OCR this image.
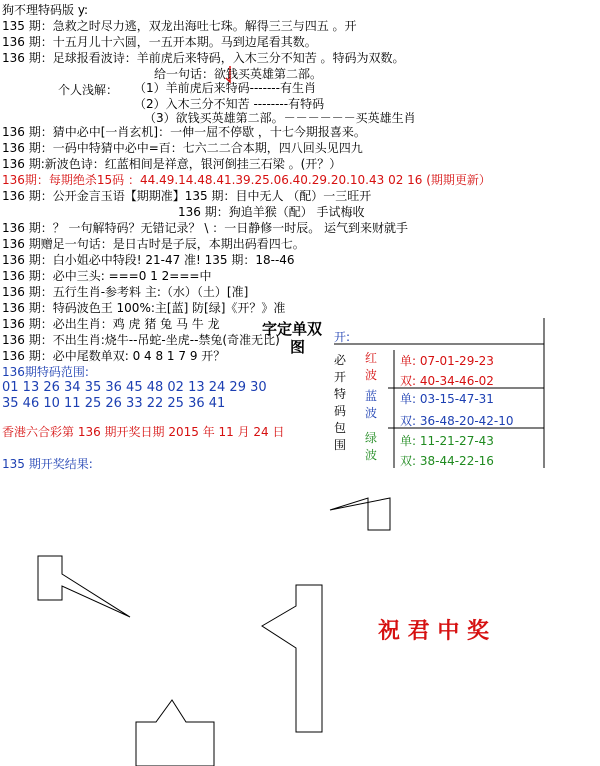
狗不理特码版 y:
135 期：急救之时尽力逃，双龙出海吐七珠。解得三三与四五 。开
136 期：十五月儿十六圆，一五开本期。马到边尾看其数。
136 期：足球报看波诗：羊前虎后来特码，入木三分不知苦 。特码为双数。
给一句话：欲钱买英雄第二部。
个人浅解： （1）羊前虎后来特码-------有生肖
（2）入木三分不知苦 --------有特码
（3）欲钱买英雄第二部。－－－－－－买英雄生肖
136 期：猜中必中[一肖玄机]：一伸一屈不停歇 ，十七今期报喜来。
136 期：一码中特猜中必中=百：七六二二合本期，四八回头见四九
136 期:新波色诗：红蓝相间是祥意，银河倒挂三石梁 。(开？）
136期：每期绝杀15码 ：44.49.14.48.41.39.25.06.40.29.20.10.43 02 16 (期期更新）
136 期：公开金言玉语【期期准】135 期：目中无人 （配）一三旺开
136 期：狗追羊猴（配） 手试梅收
136 期：？ 一句解特码？无错记录？ \ ：一日静修一时辰。 运气到来财就手
136 期赠足一句话：是日古时是子辰，本期出码看四七。
136 期：白小姐必中特段! 21-47 准! 135 期：18--46
136 期：必中三头: ===0 1 2===中
136 期：五行生肖-参考料 主:（水）（土）[准]
136 期：特码波色王 100%:主[蓝] 防[绿]《开？》准
136 期：必出生肖：鸡 虎 猪 兔 马 牛 龙
136 期：不出生肖:烧牛--吊蛇-坐虎--禁兔(奇准无比)
136 期：必中尾数单双: 0 4 8 1 7 9 开？
136期特码范围:
01 13 26 34 35 36 45 48 02 13 24 29 30
35 46 10 11 25 26 33 22 25 36 41
香港六合彩第 136 期开奖日期 2015 年 11 月 24 日
135 期开奖结果:
字定单双
图
开:
必开特码包围
红波
单: 07-01-29-23
双: 40-34-46-02
蓝波
单: 03-15-47-31
双: 36-48-20-42-10
绿波
单: 11-21-27-43
双: 38-44-22-16
祝 君 中 奖
